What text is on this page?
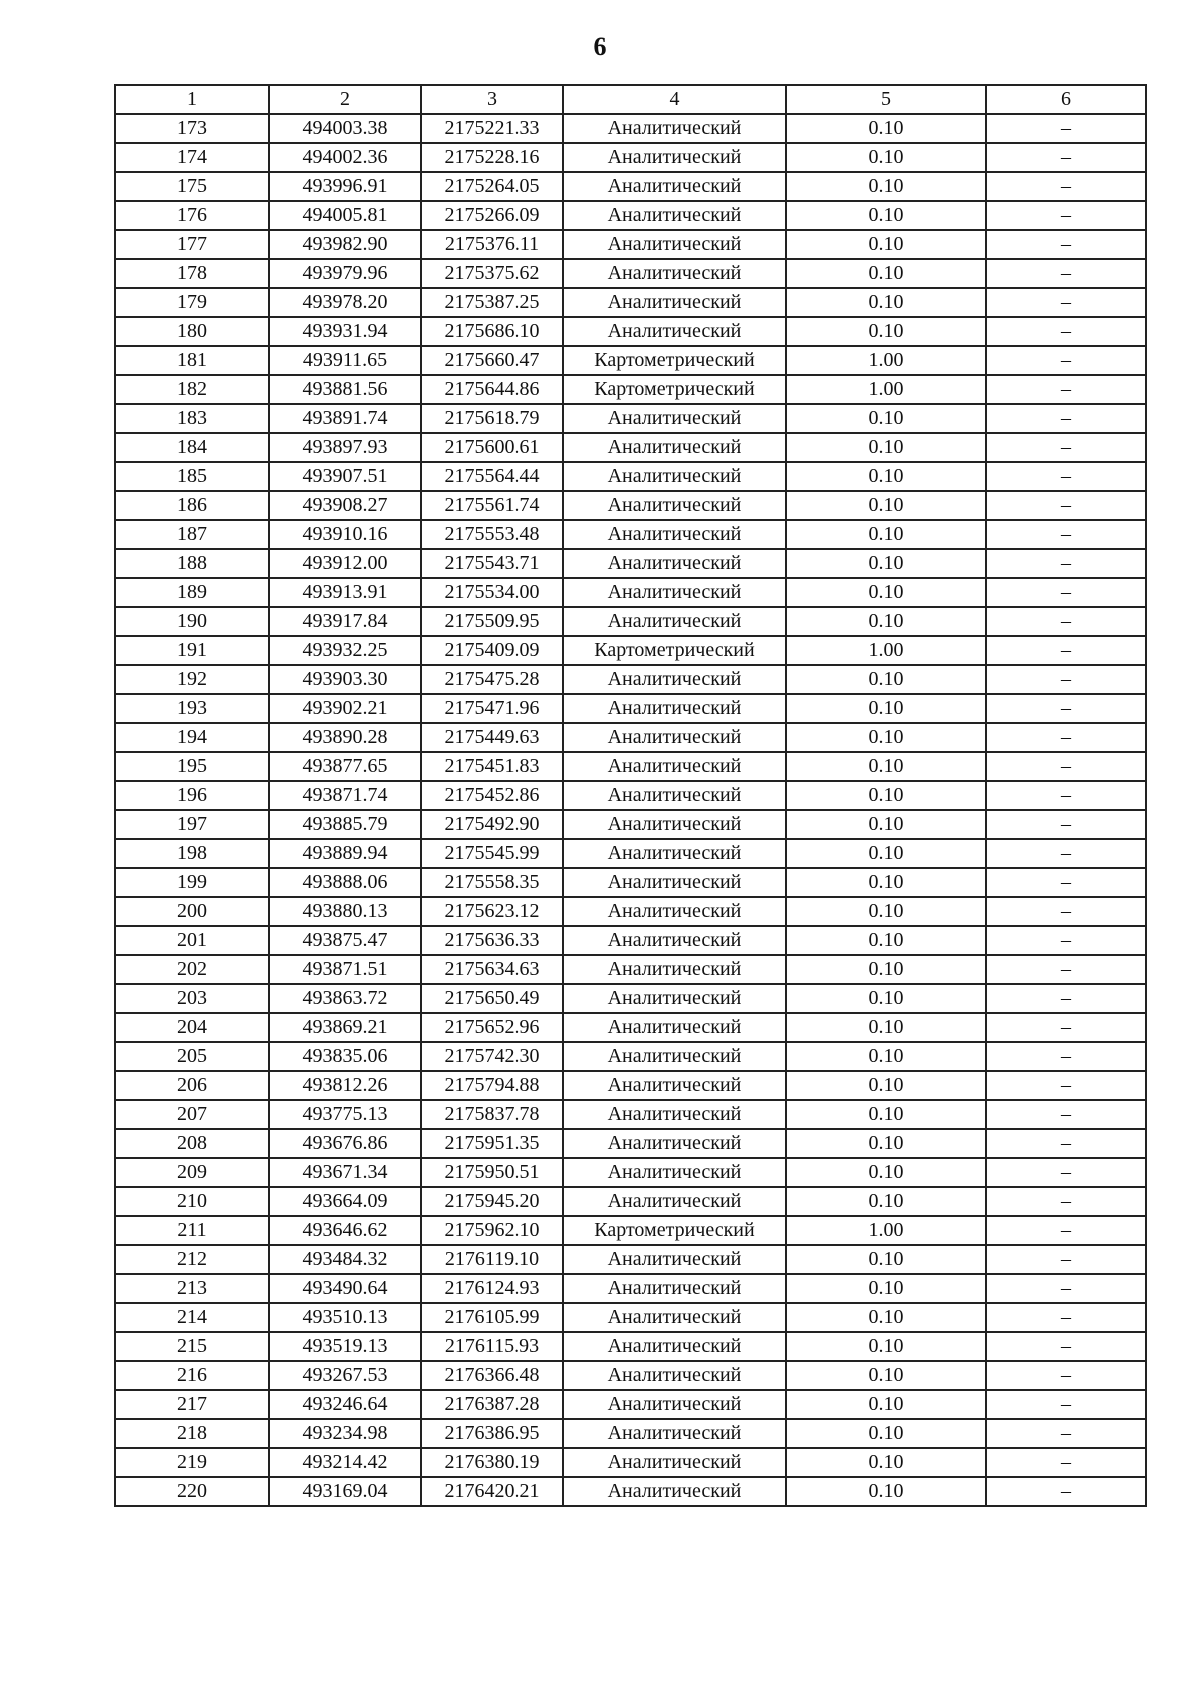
6
1	2	3	4	5	6
173	494003.38	2175221.33	Аналитический	0.10	–
174	494002.36	2175228.16	Аналитический	0.10	–
175	493996.91	2175264.05	Аналитический	0.10	–
176	494005.81	2175266.09	Аналитический	0.10	–
177	493982.90	2175376.11	Аналитический	0.10	–
178	493979.96	2175375.62	Аналитический	0.10	–
179	493978.20	2175387.25	Аналитический	0.10	–
180	493931.94	2175686.10	Аналитический	0.10	–
181	493911.65	2175660.47	Картометрический	1.00	–
182	493881.56	2175644.86	Картометрический	1.00	–
183	493891.74	2175618.79	Аналитический	0.10	–
184	493897.93	2175600.61	Аналитический	0.10	–
185	493907.51	2175564.44	Аналитический	0.10	–
186	493908.27	2175561.74	Аналитический	0.10	–
187	493910.16	2175553.48	Аналитический	0.10	–
188	493912.00	2175543.71	Аналитический	0.10	–
189	493913.91	2175534.00	Аналитический	0.10	–
190	493917.84	2175509.95	Аналитический	0.10	–
191	493932.25	2175409.09	Картометрический	1.00	–
192	493903.30	2175475.28	Аналитический	0.10	–
193	493902.21	2175471.96	Аналитический	0.10	–
194	493890.28	2175449.63	Аналитический	0.10	–
195	493877.65	2175451.83	Аналитический	0.10	–
196	493871.74	2175452.86	Аналитический	0.10	–
197	493885.79	2175492.90	Аналитический	0.10	–
198	493889.94	2175545.99	Аналитический	0.10	–
199	493888.06	2175558.35	Аналитический	0.10	–
200	493880.13	2175623.12	Аналитический	0.10	–
201	493875.47	2175636.33	Аналитический	0.10	–
202	493871.51	2175634.63	Аналитический	0.10	–
203	493863.72	2175650.49	Аналитический	0.10	–
204	493869.21	2175652.96	Аналитический	0.10	–
205	493835.06	2175742.30	Аналитический	0.10	–
206	493812.26	2175794.88	Аналитический	0.10	–
207	493775.13	2175837.78	Аналитический	0.10	–
208	493676.86	2175951.35	Аналитический	0.10	–
209	493671.34	2175950.51	Аналитический	0.10	–
210	493664.09	2175945.20	Аналитический	0.10	–
211	493646.62	2175962.10	Картометрический	1.00	–
212	493484.32	2176119.10	Аналитический	0.10	–
213	493490.64	2176124.93	Аналитический	0.10	–
214	493510.13	2176105.99	Аналитический	0.10	–
215	493519.13	2176115.93	Аналитический	0.10	–
216	493267.53	2176366.48	Аналитический	0.10	–
217	493246.64	2176387.28	Аналитический	0.10	–
218	493234.98	2176386.95	Аналитический	0.10	–
219	493214.42	2176380.19	Аналитический	0.10	–
220	493169.04	2176420.21	Аналитический	0.10	–
